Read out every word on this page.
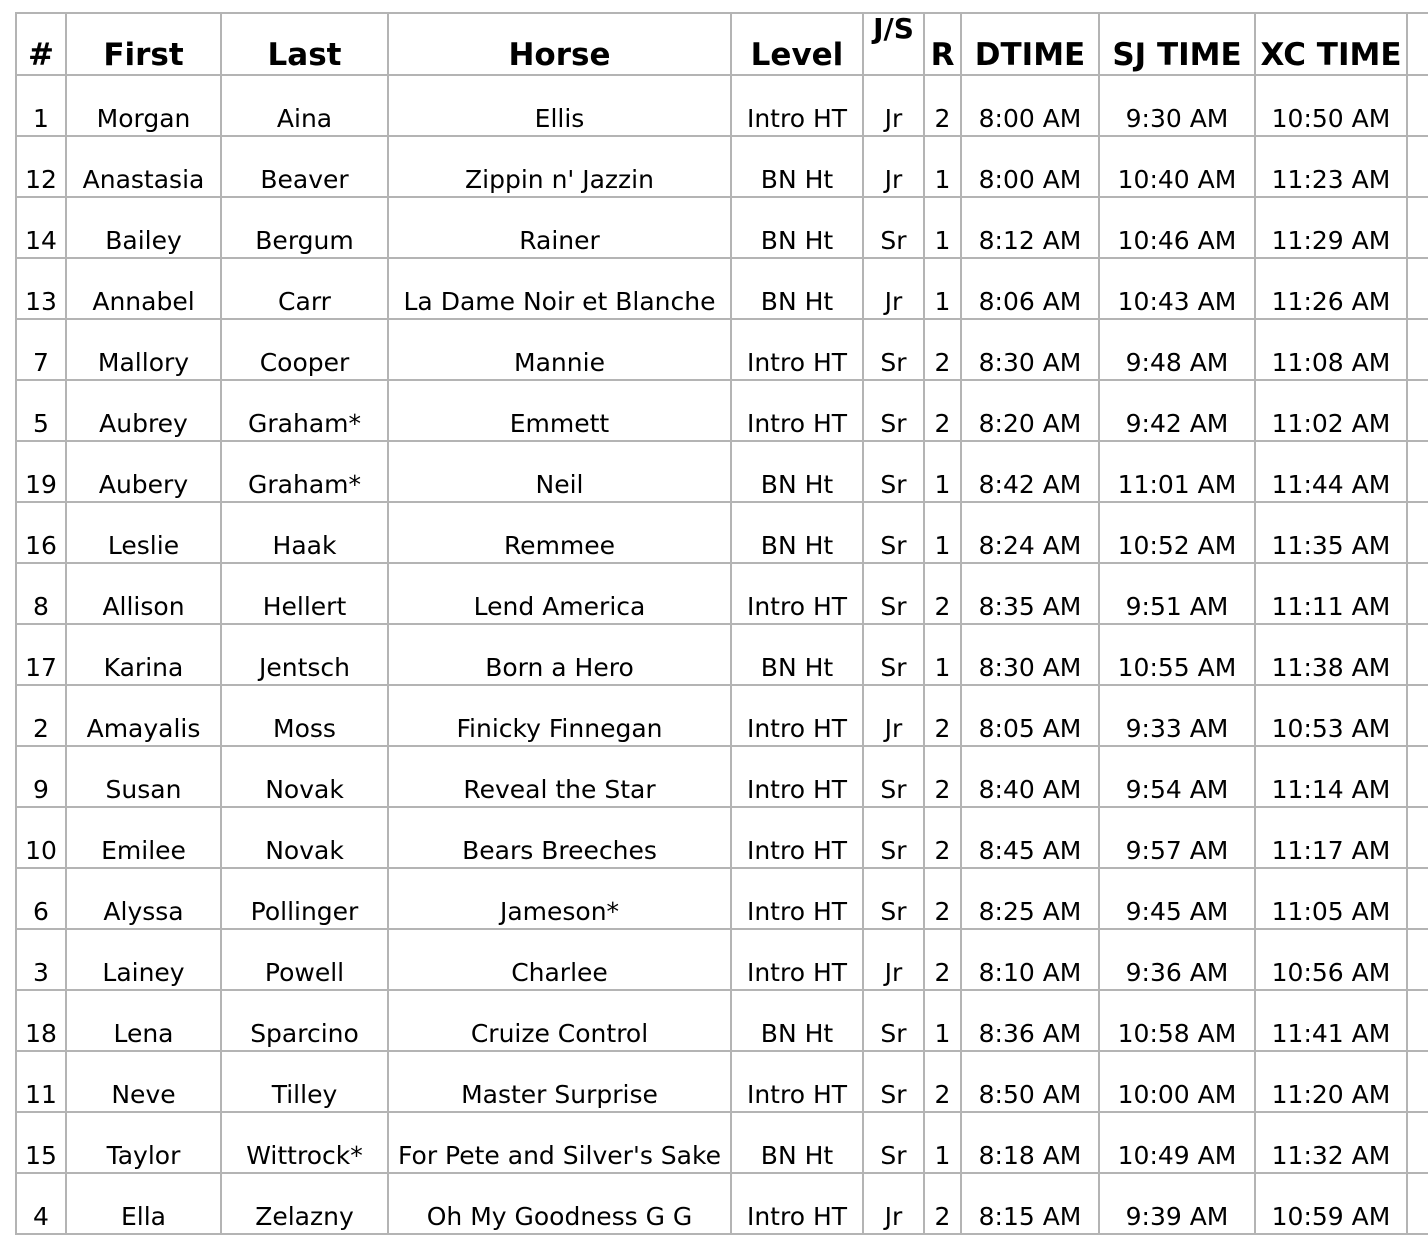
#	First	Last	Horse	Level	J/S	R	DTIME	SJ TIME	XC TIME	
1	Morgan	Aina	Ellis	Intro HT	Jr	2	8:00 AM	9:30 AM	10:50 AM	
12	Anastasia	Beaver	Zippin n' Jazzin	BN Ht	Jr	1	8:00 AM	10:40 AM	11:23 AM	
14	Bailey	Bergum	Rainer	BN Ht	Sr	1	8:12 AM	10:46 AM	11:29 AM	
13	Annabel	Carr	La Dame Noir et Blanche	BN Ht	Jr	1	8:06 AM	10:43 AM	11:26 AM	
7	Mallory	Cooper	Mannie	Intro HT	Sr	2	8:30 AM	9:48 AM	11:08 AM	
5	Aubrey	Graham*	Emmett	Intro HT	Sr	2	8:20 AM	9:42 AM	11:02 AM	
19	Aubery	Graham*	Neil	BN Ht	Sr	1	8:42 AM	11:01 AM	11:44 AM	
16	Leslie	Haak	Remmee	BN Ht	Sr	1	8:24 AM	10:52 AM	11:35 AM	
8	Allison	Hellert	Lend America	Intro HT	Sr	2	8:35 AM	9:51 AM	11:11 AM	
17	Karina	Jentsch	Born a Hero	BN Ht	Sr	1	8:30 AM	10:55 AM	11:38 AM	
2	Amayalis	Moss	Finicky Finnegan	Intro HT	Jr	2	8:05 AM	9:33 AM	10:53 AM	
9	Susan	Novak	Reveal the Star	Intro HT	Sr	2	8:40 AM	9:54 AM	11:14 AM	
10	Emilee	Novak	Bears Breeches	Intro HT	Sr	2	8:45 AM	9:57 AM	11:17 AM	
6	Alyssa	Pollinger	Jameson*	Intro HT	Sr	2	8:25 AM	9:45 AM	11:05 AM	
3	Lainey	Powell	Charlee	Intro HT	Jr	2	8:10 AM	9:36 AM	10:56 AM	
18	Lena	Sparcino	Cruize Control	BN Ht	Sr	1	8:36 AM	10:58 AM	11:41 AM	
11	Neve	Tilley	Master Surprise	Intro HT	Sr	2	8:50 AM	10:00 AM	11:20 AM	
15	Taylor	Wittrock*	For Pete and Silver's Sake	BN Ht	Sr	1	8:18 AM	10:49 AM	11:32 AM	
4	Ella	Zelazny	Oh My Goodness G G	Intro HT	Jr	2	8:15 AM	9:39 AM	10:59 AM	
